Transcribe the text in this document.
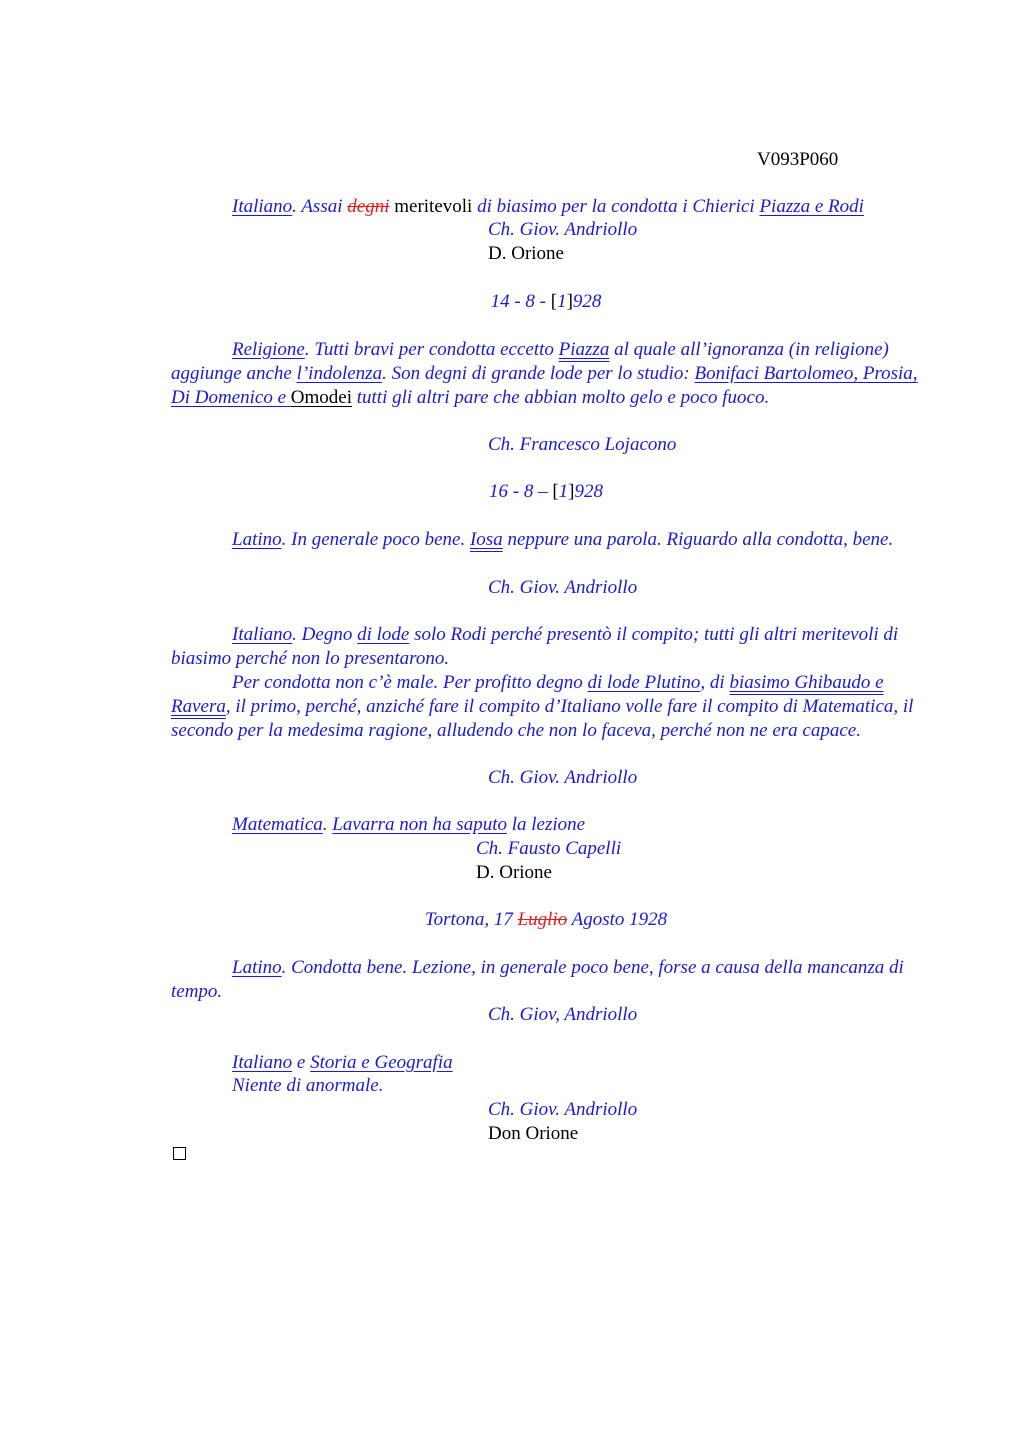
V093P060
Italiano. Assai degni meritevoli di biasimo per la condotta i Chierici Piazza e Rodi
Ch. Giov. Andriollo
D. Orione
14 - 8 - [1]928
Religione. Tutti bravi per condotta eccetto Piazza al quale all’ignoranza (in religione) aggiunge anche l’indolenza. Son degni di grande lode per lo studio: Bonifaci Bartolomeo, Prosia, Di Domenico e Omodei tutti gli altri pare che abbian molto gelo e poco fuoco.
Ch. Francesco Lojacono
16 - 8 – [1]928
Latino. In generale poco bene. Iosa neppure una parola. Riguardo alla condotta, bene.
Ch. Giov. Andriollo
Italiano. Degno di lode solo Rodi perché presentò il compito; tutti gli altri meritevoli di biasimo perché non lo presentarono.
Per condotta non c’è male. Per profitto degno di lode Plutino, di biasimo Ghibaudo e Ravera, il primo, perché, anziché fare il compito d’Italiano volle fare il compito di Matematica, il secondo per la medesima ragione, alludendo che non lo faceva, perché non ne era capace.
Ch. Giov. Andriollo
Matematica. Lavarra non ha saputo la lezione
Ch. Fausto Capelli
D. Orione
Tortona, 17 Luglio Agosto 1928
Latino. Condotta bene. Lezione, in generale poco bene, forse a causa della mancanza di tempo.
Ch. Giov, Andriollo
Italiano e Storia e Geografia
Niente di anormale.
Ch. Giov. Andriollo
Don Orione
